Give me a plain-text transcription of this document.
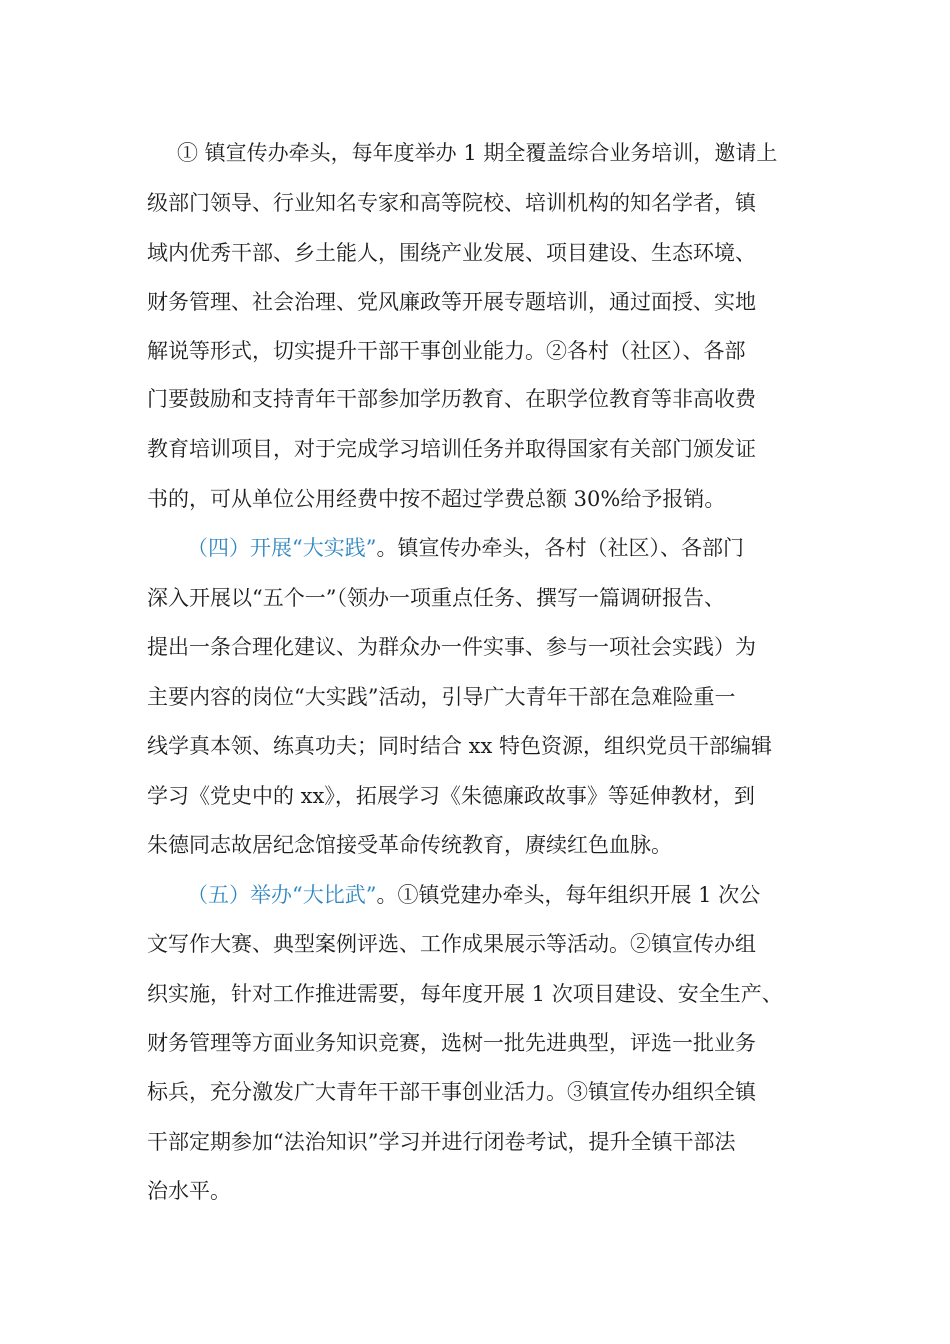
① 镇宣传办牵头，每年度举办 1 期全覆盖综合业务培训，邀请上
级部门领导、行业知名专家和高等院校、培训机构的知名学者，镇
域内优秀干部、乡土能人，围绕产业发展、项目建设、生态环境、
财务管理、社会治理、党风廉政等开展专题培训，通过面授、实地
解说等形式，切实提升干部干事创业能力。②各村（社区）、各部
门要鼓励和支持青年干部参加学历教育、在职学位教育等非高收费
教育培训项目，对于完成学习培训任务并取得国家有关部门颁发证
书的，可从单位公用经费中按不超过学费总额 30%给予报销。
（四）开展“大实践”。镇宣传办牵头，各村（社区）、各部门
深入开展以“五个一”（领办一项重点任务、撰写一篇调研报告、
提出一条合理化建议、为群众办一件实事、参与一项社会实践）为
主要内容的岗位“大实践”活动，引导广大青年干部在急难险重一
线学真本领、练真功夫；同时结合 xx 特色资源，组织党员干部编辑
学习《党史中的 xx》，拓展学习《朱德廉政故事》等延伸教材，到
朱德同志故居纪念馆接受革命传统教育，赓续红色血脉。
（五）举办“大比武”。①镇党建办牵头，每年组织开展 1 次公
文写作大赛、典型案例评选、工作成果展示等活动。②镇宣传办组
织实施，针对工作推进需要，每年度开展 1 次项目建设、安全生产、
财务管理等方面业务知识竞赛，选树一批先进典型，评选一批业务
标兵，充分激发广大青年干部干事创业活力。③镇宣传办组织全镇
干部定期参加“法治知识”学习并进行闭卷考试，提升全镇干部法
治水平。
